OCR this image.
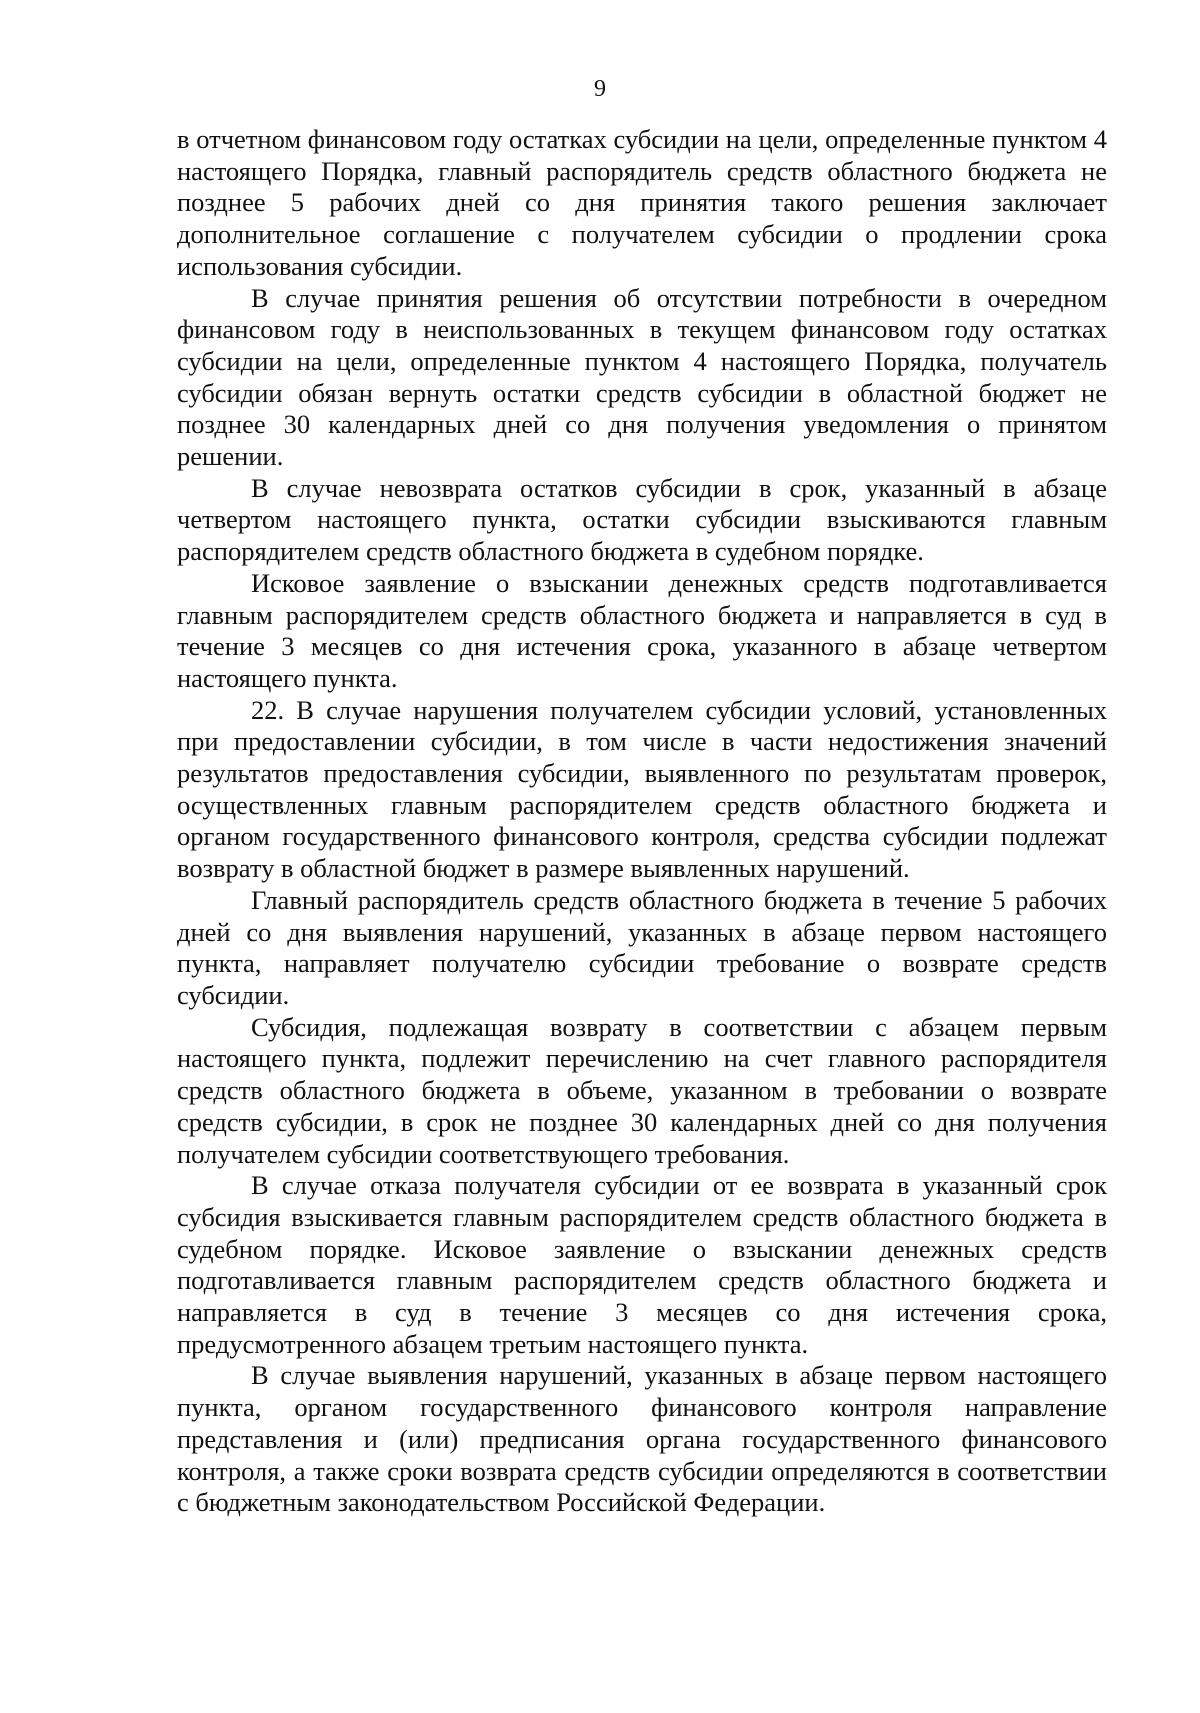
9

в отчетном финансовом году остатках субсидии на цели, определенные пунктом 4 настоящего Порядка, главный распорядитель средств областного бюджета не позднее 5 рабочих дней со дня принятия такого решения заключает дополнительное соглашение с получателем субсидии о продлении срока использования субсидии.

В случае принятия решения об отсутствии потребности в очередном финансовом году в неиспользованных в текущем финансовом году остатках субсидии на цели, определенные пунктом 4 настоящего Порядка, получатель субсидии обязан вернуть остатки средств субсидии в областной бюджет не позднее 30 календарных дней со дня получения уведомления о принятом решении.

В случае невозврата остатков субсидии в срок, указанный в абзаце четвертом настоящего пункта, остатки субсидии взыскиваются главным распорядителем средств областного бюджета в судебном порядке.

Исковое заявление о взыскании денежных средств подготавливается главным распорядителем средств областного бюджета и направляется в суд в течение 3 месяцев со дня истечения срока, указанного в абзаце четвертом настоящего пункта.

22. В случае нарушения получателем субсидии условий, установленных при предоставлении субсидии, в том числе в части недостижения значений результатов предоставления субсидии, выявленного по результатам проверок, осуществленных главным распорядителем средств областного бюджета и органом государственного финансового контроля, средства субсидии подлежат возврату в областной бюджет в размере выявленных нарушений.

Главный распорядитель средств областного бюджета в течение 5 рабочих дней со дня выявления нарушений, указанных в абзаце первом настоящего пункта, направляет получателю субсидии требование о возврате средств субсидии.

Субсидия, подлежащая возврату в соответствии с абзацем первым настоящего пункта, подлежит перечислению на счет главного распорядителя средств областного бюджета в объеме, указанном в требовании о возврате средств субсидии, в срок не позднее 30 календарных дней со дня получения получателем субсидии соответствующего требования.

В случае отказа получателя субсидии от ее возврата в указанный срок субсидия взыскивается главным распорядителем средств областного бюджета в судебном порядке. Исковое заявление о взыскании денежных средств подготавливается главным распорядителем средств областного бюджета и направляется в суд в течение 3 месяцев со дня истечения срока, предусмотренного абзацем третьим настоящего пункта.

В случае выявления нарушений, указанных в абзаце первом настоящего пункта, органом государственного финансового контроля направление представления и (или) предписания органа государственного финансового контроля, а также сроки возврата средств субсидии определяются в соответствии с бюджетным законодательством Российской Федерации.
